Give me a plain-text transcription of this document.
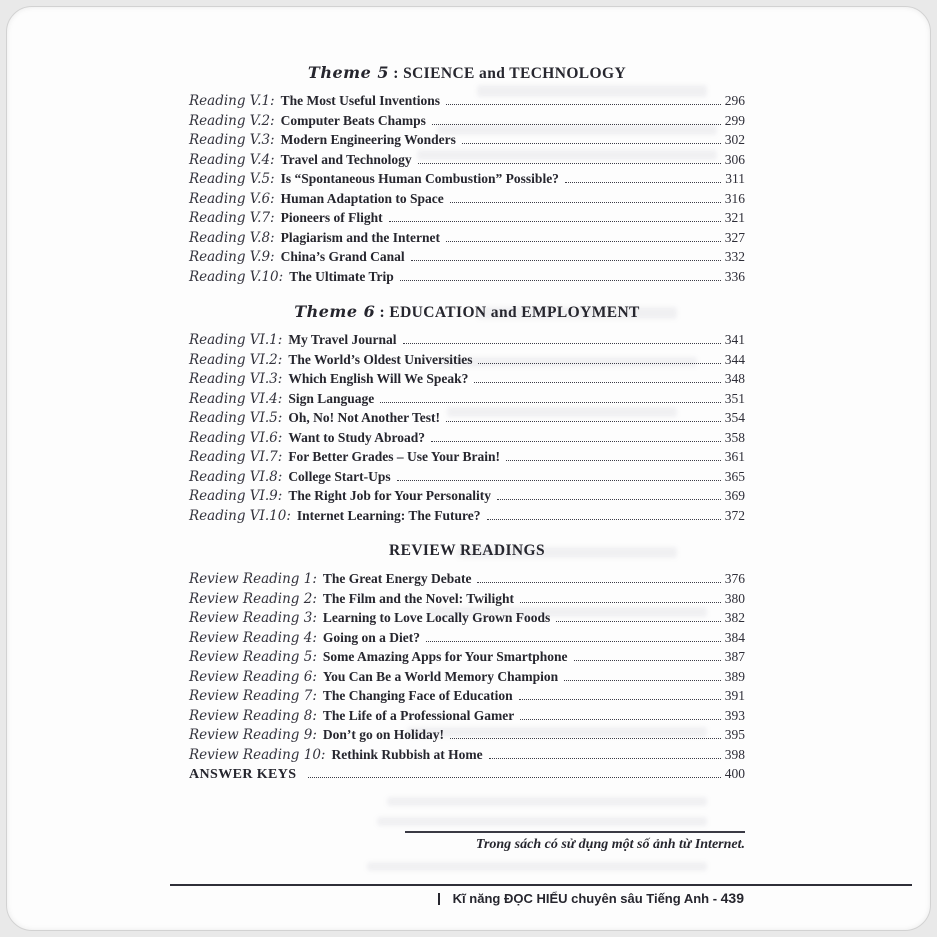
Theme 5 : SCIENCE and TECHNOLOGY
Reading V.1: The Most Useful Inventions	296
Reading V.2: Computer Beats Champs	299
Reading V.3: Modern Engineering Wonders	302
Reading V.4: Travel and Technology	306
Reading V.5: Is “Spontaneous Human Combustion” Possible?	311
Reading V.6: Human Adaptation to Space	316
Reading V.7: Pioneers of Flight	321
Reading V.8: Plagiarism and the Internet	327
Reading V.9: China’s Grand Canal	332
Reading V.10: The Ultimate Trip	336
Theme 6 : EDUCATION and EMPLOYMENT
Reading VI.1: My Travel Journal	341
Reading VI.2: The World’s Oldest Universities	344
Reading VI.3: Which English Will We Speak?	348
Reading VI.4: Sign Language	351
Reading VI.5: Oh, No! Not Another Test!	354
Reading VI.6: Want to Study Abroad?	358
Reading VI.7: For Better Grades – Use Your Brain!	361
Reading VI.8: College Start-Ups	365
Reading VI.9: The Right Job for Your Personality	369
Reading VI.10: Internet Learning: The Future?	372
REVIEW READINGS
Review Reading 1: The Great Energy Debate	376
Review Reading 2: The Film and the Novel: Twilight	380
Review Reading 3: Learning to Love Locally Grown Foods	382
Review Reading 4: Going on a Diet?	384
Review Reading 5: Some Amazing Apps for Your Smartphone	387
Review Reading 6: You Can Be a World Memory Champion	389
Review Reading 7: The Changing Face of Education	391
Review Reading 8: The Life of a Professional Gamer	393
Review Reading 9: Don’t go on Holiday!	395
Review Reading 10: Rethink Rubbish at Home	398
ANSWER KEYS	400
Trong sách có sử dụng một số ảnh từ Internet.
Kĩ năng ĐỌC HIỂU chuyên sâu Tiếng Anh - 439
